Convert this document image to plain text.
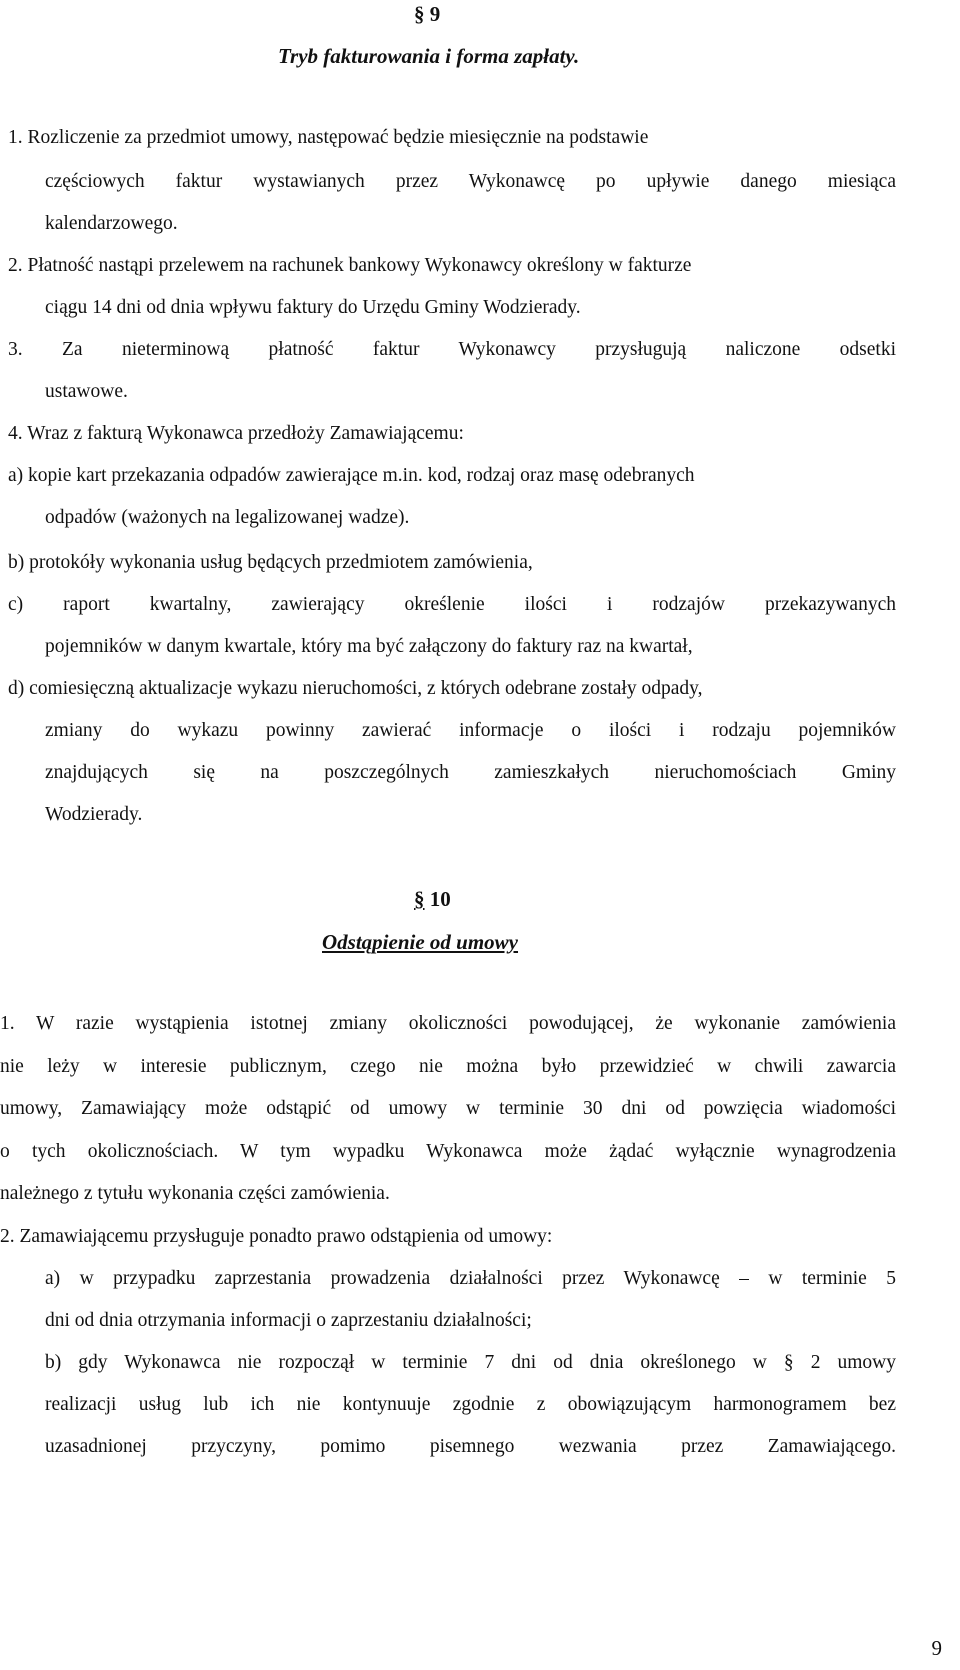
§ 9
Tryb fakturowania i forma zapłaty.
1. Rozliczenie za przedmiot umowy, następować będzie miesięcznie na podstawie
częściowych faktur wystawianych przez Wykonawcę po upływie danego miesiąca
kalendarzowego.
2. Płatność nastąpi przelewem na rachunek bankowy Wykonawcy określony w fakturze
ciągu 14 dni od dnia wpływu faktury do Urzędu Gminy Wodzierady.
3. Za nieterminową płatność faktur Wykonawcy przysługują naliczone odsetki
ustawowe.
4. Wraz z fakturą Wykonawca przedłoży Zamawiającemu:
a) kopie kart przekazania odpadów zawierające m.in. kod, rodzaj oraz masę odebranych
odpadów (ważonych na legalizowanej wadze).
b) protokóły wykonania usług będących przedmiotem zamówienia,
c) raport kwartalny, zawierający określenie ilości i rodzajów przekazywanych
pojemników w danym kwartale, który ma być załączony do faktury raz na kwartał,
d) comiesięczną aktualizacje wykazu nieruchomości, z których odebrane zostały odpady,
zmiany do wykazu powinny zawierać informacje o ilości i rodzaju pojemników
znajdujących się na poszczególnych zamieszkałych nieruchomościach Gminy
Wodzierady.
§ 10
Odstąpienie od umowy
1. W razie wystąpienia istotnej zmiany okoliczności powodującej, że wykonanie zamówienia
nie leży w interesie publicznym, czego nie można było przewidzieć w chwili zawarcia
umowy, Zamawiający może odstąpić od umowy w terminie 30 dni od powzięcia wiadomości
o tych okolicznościach. W tym wypadku Wykonawca może żądać wyłącznie wynagrodzenia
należnego z tytułu wykonania części zamówienia.
2. Zamawiającemu przysługuje ponadto prawo odstąpienia od umowy:
a) w przypadku zaprzestania prowadzenia działalności przez Wykonawcę – w terminie 5
dni od dnia otrzymania informacji o zaprzestaniu działalności;
b) gdy Wykonawca nie rozpoczął w terminie 7 dni od dnia określonego w § 2 umowy
realizacji usług lub ich nie kontynuuje zgodnie z obowiązującym harmonogramem bez
uzasadnionej przyczyny, pomimo pisemnego wezwania przez Zamawiającego.
9
